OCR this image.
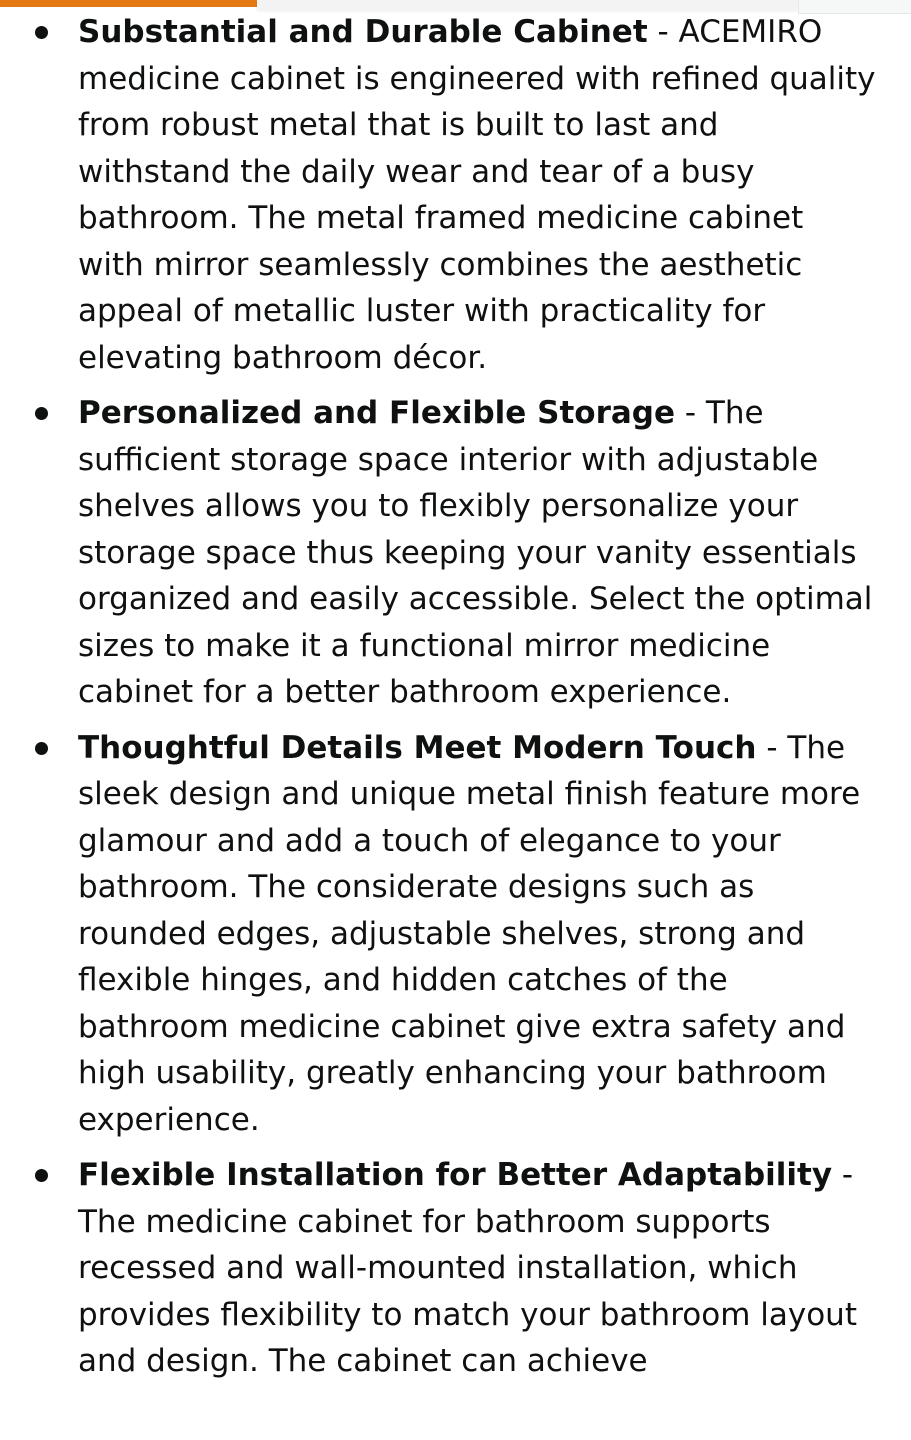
Substantial and Durable Cabinet - ACEMIRO medicine cabinet is engineered with refined quality from robust metal that is built to last and withstand the daily wear and tear of a busy bathroom. The metal framed medicine cabinet with mirror seamlessly combines the aesthetic appeal of metallic luster with practicality for elevating bathroom décor.
Personalized and Flexible Storage - The sufficient storage space interior with adjustable shelves allows you to flexibly personalize your storage space thus keeping your vanity essentials organized and easily accessible. Select the optimal sizes to make it a functional mirror medicine cabinet for a better bathroom experience.
Thoughtful Details Meet Modern Touch - The sleek design and unique metal finish feature more glamour and add a touch of elegance to your bathroom. The considerate designs such as rounded edges, adjustable shelves, strong and flexible hinges, and hidden catches of the bathroom medicine cabinet give extra safety and high usability, greatly enhancing your bathroom experience.
Flexible Installation for Better Adaptability - The medicine cabinet for bathroom supports recessed and wall-mounted installation, which provides flexibility to match your bathroom layout and design. The cabinet can achieve
